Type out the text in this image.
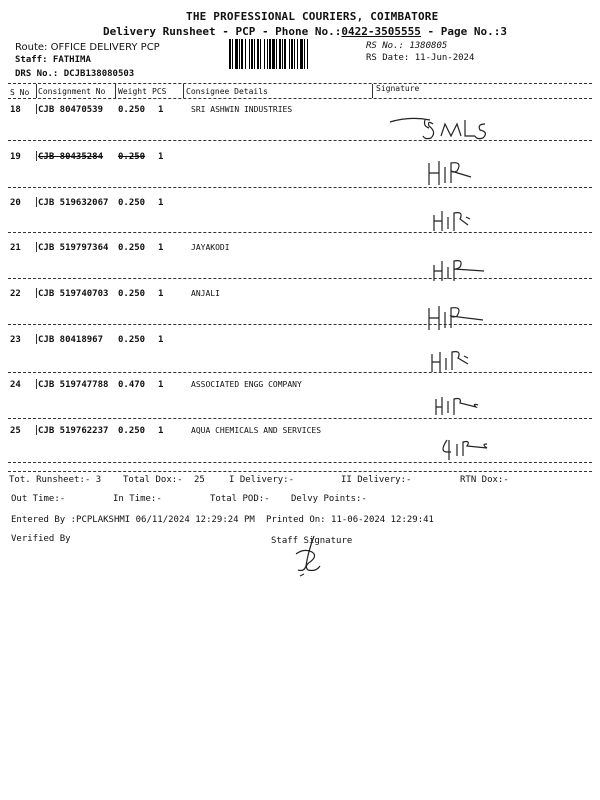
THE PROFESSIONAL COURIERS, COIMBATORE
Delivery Runsheet - PCP - Phone No.:0422-3505555 - Page No.:3
Route: OFFICE DELIVERY PCP
Staff: FATHIMA
DRS No.: DCJB138080503
RS No.: 1380805
RS Date: 11-Jun-2024
S No Consignment No Weight PCS Consignee Details	Signature
18 CJB 80470539 0.250 1	SRI ASHWIN INDUSTRIES
19 CJB 80435284 0.250 1
20 CJB 519632067 0.250 1
21 CJB 519797364 0.250 1	JAYAKODI
22 CJB 519740703 0.250 1	ANJALI
23 CJB 80418967 0.250 1
24 CJB 519747788 0.470 1	ASSOCIATED ENGG COMPANY
25 CJB 519762237 0.250 1	AQUA CHEMICALS AND SERVICES
Tot. Runsheet:- 3 Total Dox:- 25	I Delivery:-	II Delivery:-	RTN Dox:-
Out Time:-	In Time:-	Total POD:- Delvy Points:-
Entered By :PCPLAKSHMI 06/11/2024 12:29:24 PM Printed On: 11-06-2024 12:29:41
Verified By	Staff Signature
